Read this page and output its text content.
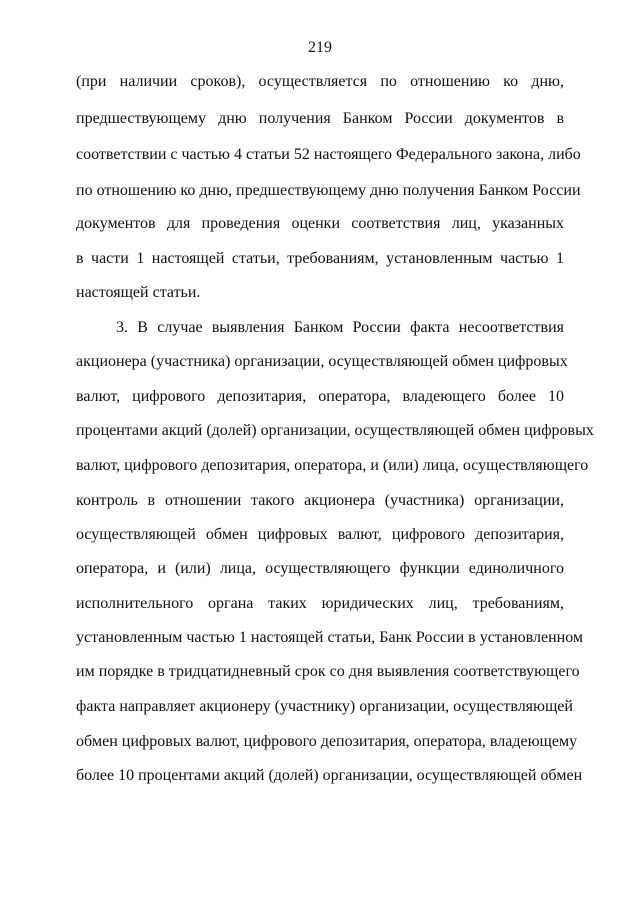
219
(при наличии сроков), осуществляется по отношению ко дню,
предшествующему дню получения Банком России документов в
соответствии с частью 4 статьи 52 настоящего Федерального закона, либо
по отношению ко дню, предшествующему дню получения Банком России
документов для проведения оценки соответствия лиц, указанных
в части 1 настоящей статьи, требованиям, установленным частью 1
настоящей статьи.
3. В случае выявления Банком России факта несоответствия
акционера (участника) организации, осуществляющей обмен цифровых
валют, цифрового депозитария, оператора, владеющего более 10
процентами акций (долей) организации, осуществляющей обмен цифровых
валют, цифрового депозитария, оператора, и (или) лица, осуществляющего
контроль в отношении такого акционера (участника) организации,
осуществляющей обмен цифровых валют, цифрового депозитария,
оператора, и (или) лица, осуществляющего функции единоличного
исполнительного органа таких юридических лиц, требованиям,
установленным частью 1 настоящей статьи, Банк России в установленном
им порядке в тридцатидневный срок со дня выявления соответствующего
факта направляет акционеру (участнику) организации, осуществляющей
обмен цифровых валют, цифрового депозитария, оператора, владеющему
более 10 процентами акций (долей) организации, осуществляющей обмен
